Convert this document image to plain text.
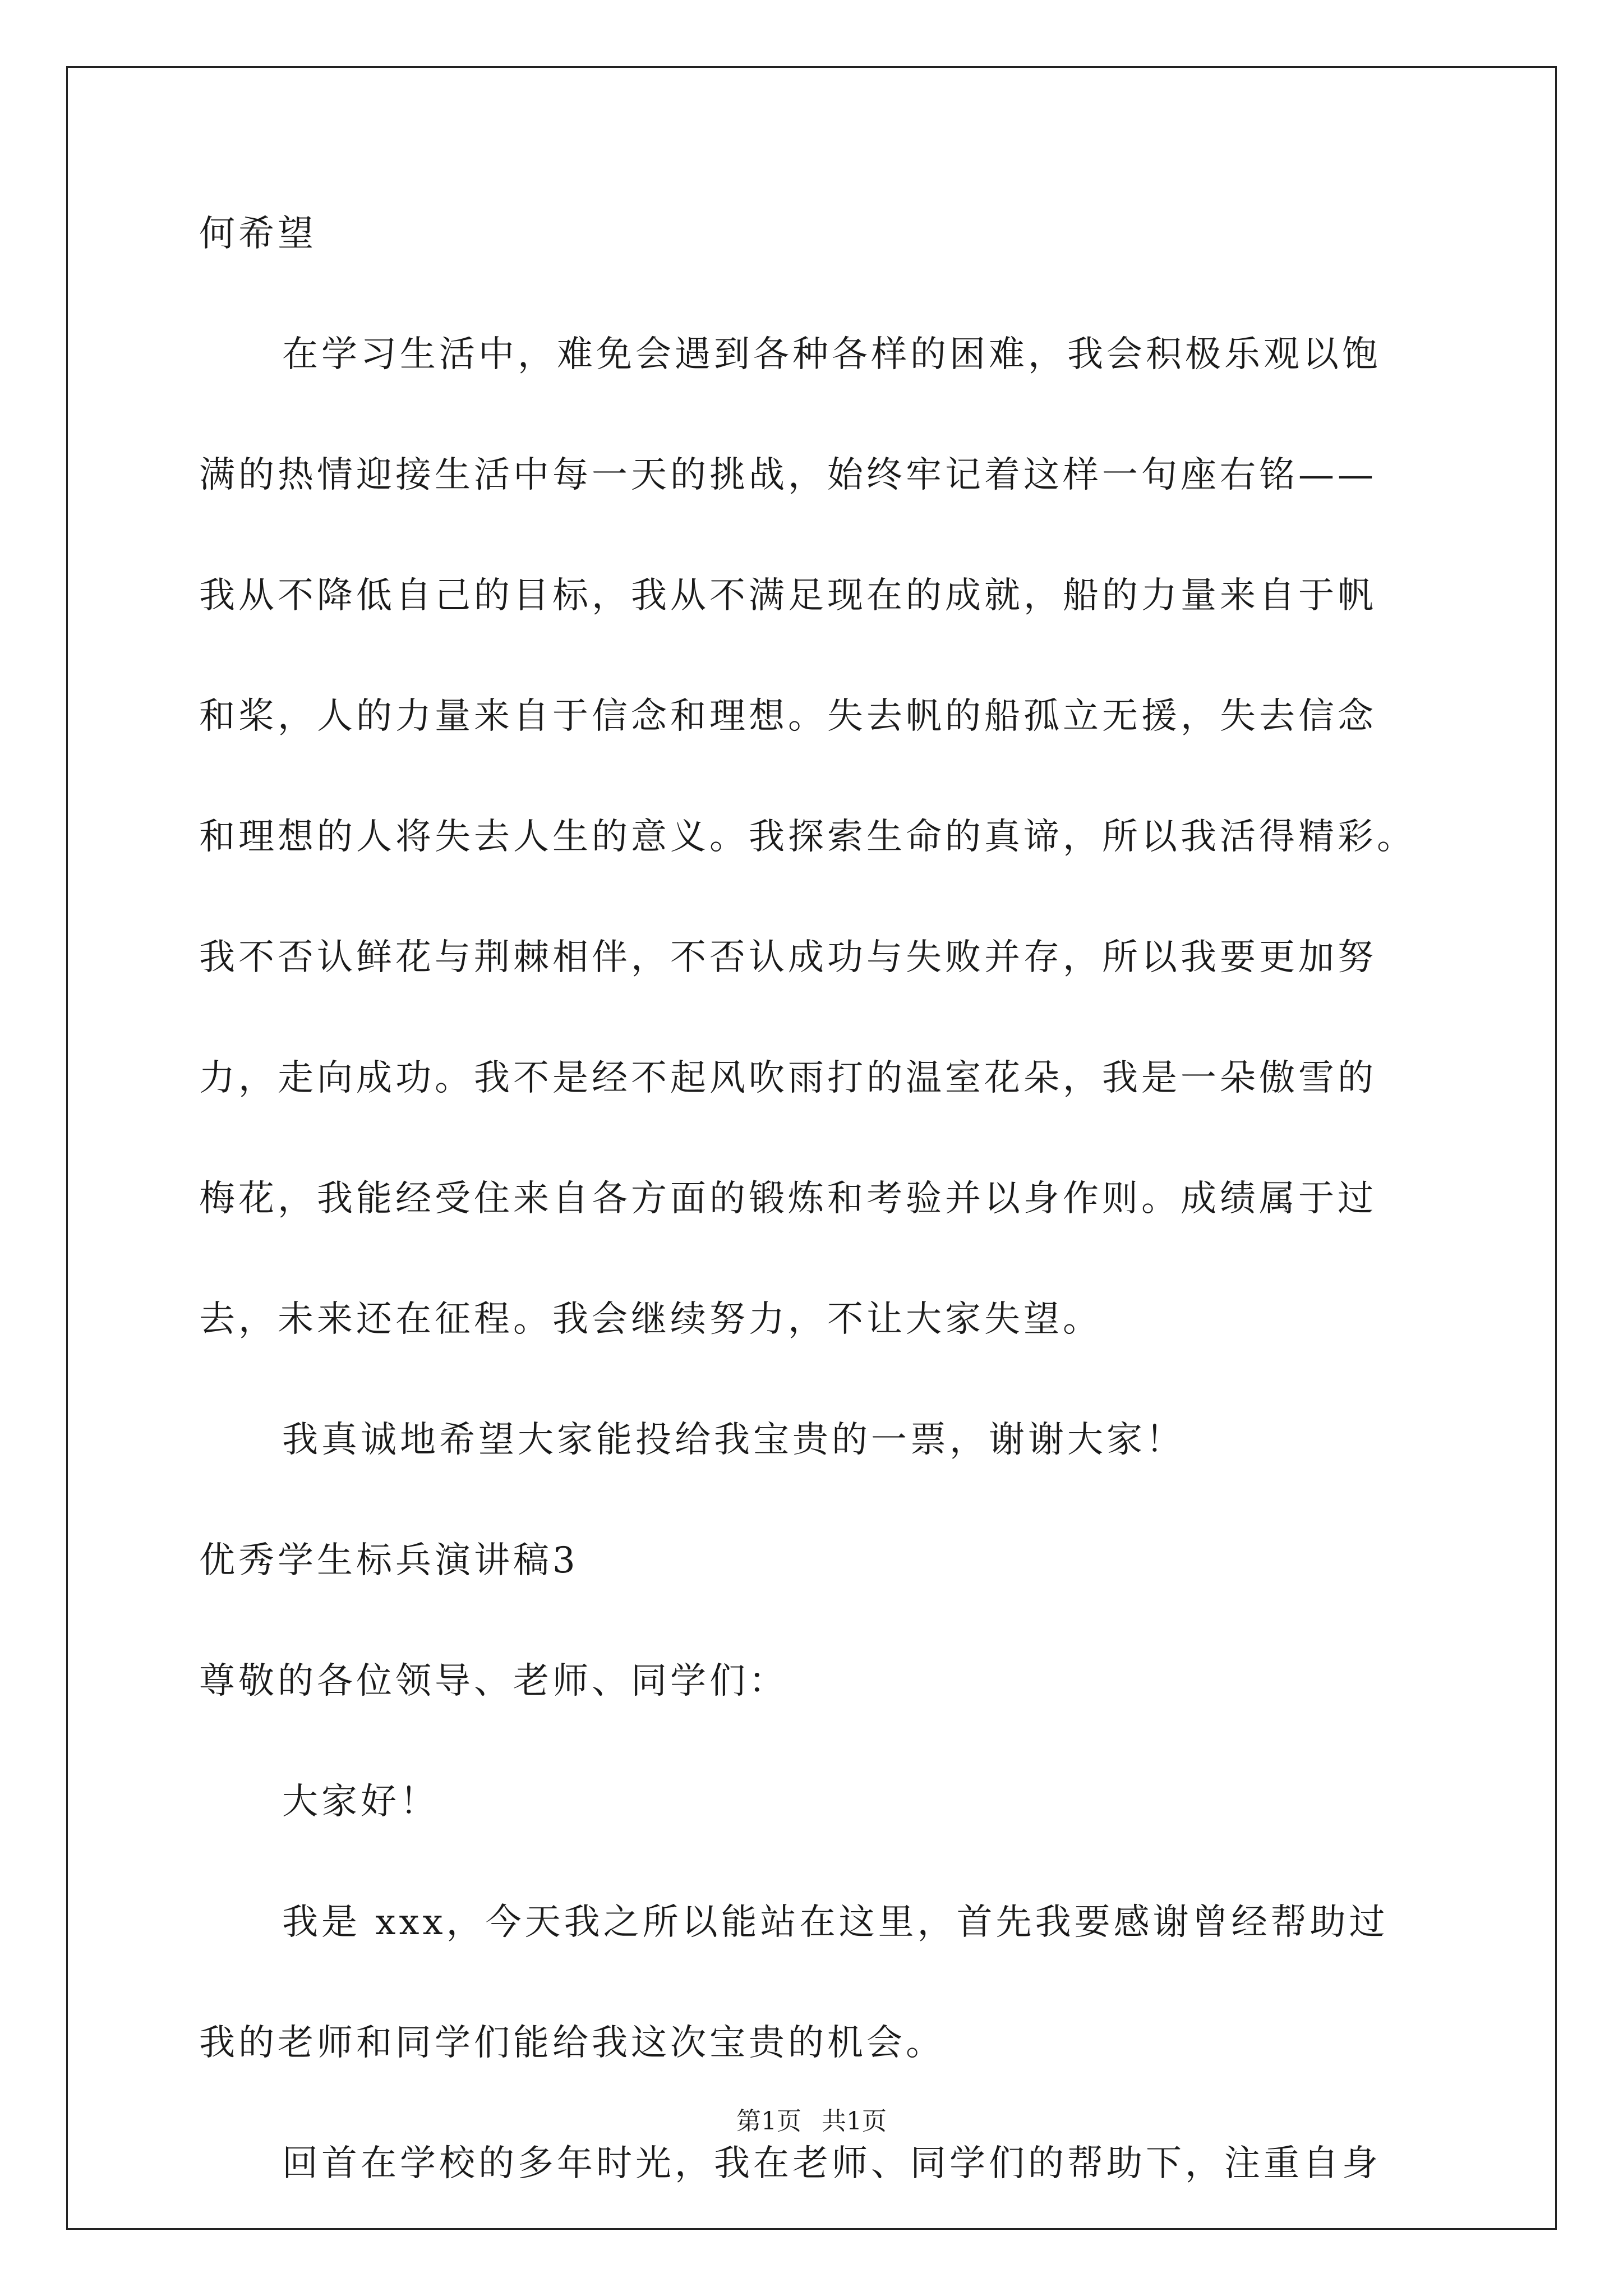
何希望
在学习生活中，难免会遇到各种各样的困难，我会积极乐观以饱
满的热情迎接生活中每一天的挑战，始终牢记着这样一句座右铭——
我从不降低自己的目标，我从不满足现在的成就，船的力量来自于帆
和桨，人的力量来自于信念和理想。失去帆的船孤立无援，失去信念
和理想的人将失去人生的意义。我探索生命的真谛，所以我活得精彩。
我不否认鲜花与荆棘相伴，不否认成功与失败并存，所以我要更加努
力，走向成功。我不是经不起风吹雨打的温室花朵，我是一朵傲雪的
梅花，我能经受住来自各方面的锻炼和考验并以身作则。成绩属于过
去，未来还在征程。我会继续努力，不让大家失望。
我真诚地希望大家能投给我宝贵的一票，谢谢大家！
优秀学生标兵演讲稿3
尊敬的各位领导、老师、同学们：
大家好！
我是 xxx，今天我之所以能站在这里，首先我要感谢曾经帮助过
我的老师和同学们能给我这次宝贵的机会。
回首在学校的多年时光，我在老师、同学们的帮助下，注重自身
第1页 共1页
